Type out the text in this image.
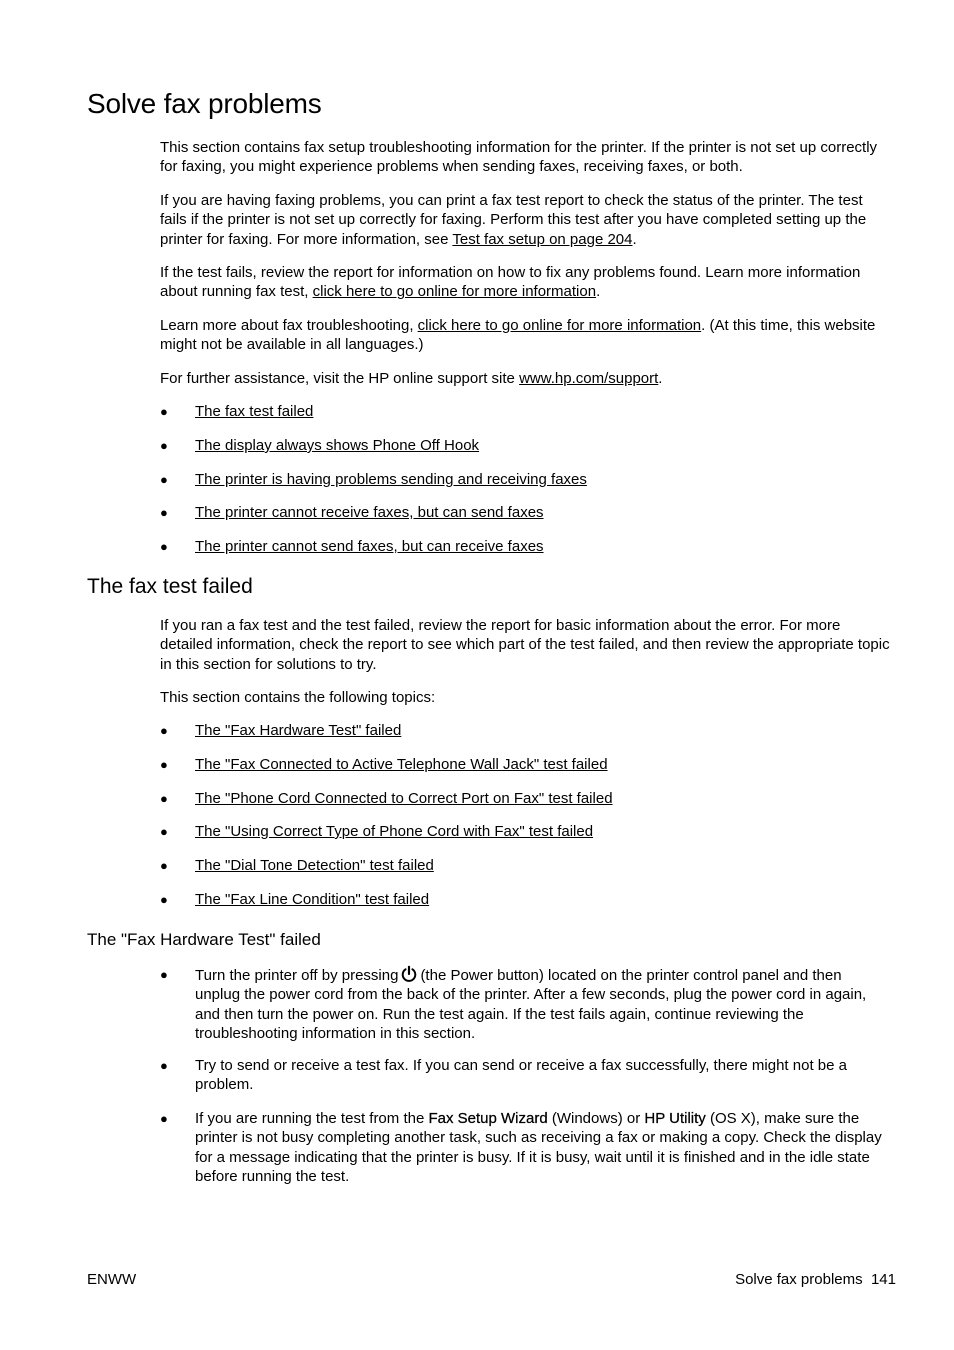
Solve fax problems

This section contains fax setup troubleshooting information for the printer. If the printer is not set up correctly for faxing, you might experience problems when sending faxes, receiving faxes, or both.

If you are having faxing problems, you can print a fax test report to check the status of the printer. The test fails if the printer is not set up correctly for faxing. Perform this test after you have completed setting up the printer for faxing. For more information, see Test fax setup on page 204.

If the test fails, review the report for information on how to fix any problems found. Learn more information about running fax test, click here to go online for more information.

Learn more about fax troubleshooting, click here to go online for more information. (At this time, this website might not be available in all languages.)

For further assistance, visit the HP online support site www.hp.com/support.

●	The fax test failed
●	The display always shows Phone Off Hook
●	The printer is having problems sending and receiving faxes
●	The printer cannot receive faxes, but can send faxes
●	The printer cannot send faxes, but can receive faxes
The fax test failed

If you ran a fax test and the test failed, review the report for basic information about the error. For more detailed information, check the report to see which part of the test failed, and then review the appropriate topic in this section for solutions to try.

This section contains the following topics:

●	The "Fax Hardware Test" failed
●	The "Fax Connected to Active Telephone Wall Jack" test failed
●	The "Phone Cord Connected to Correct Port on Fax" test failed
●	The "Using Correct Type of Phone Cord with Fax" test failed
●	The "Dial Tone Detection" test failed
●	The "Fax Line Condition" test failed
The "Fax Hardware Test" failed
●	Turn the printer off by pressing (the Power button) located on the printer control panel and then unplug the power cord from the back of the printer. After a few seconds, plug the power cord in again, and then turn the power on. Run the test again. If the test fails again, continue reviewing the troubleshooting information in this section.
●	Try to send or receive a test fax. If you can send or receive a fax successfully, there might not be a problem.
●	If you are running the test from the Fax Setup Wizard (Windows) or HP Utility (OS X), make sure the printer is not busy completing another task, such as receiving a fax or making a copy. Check the display for a message indicating that the printer is busy. If it is busy, wait until it is finished and in the idle state before running the test.
ENWW	Solve fax problems 141
